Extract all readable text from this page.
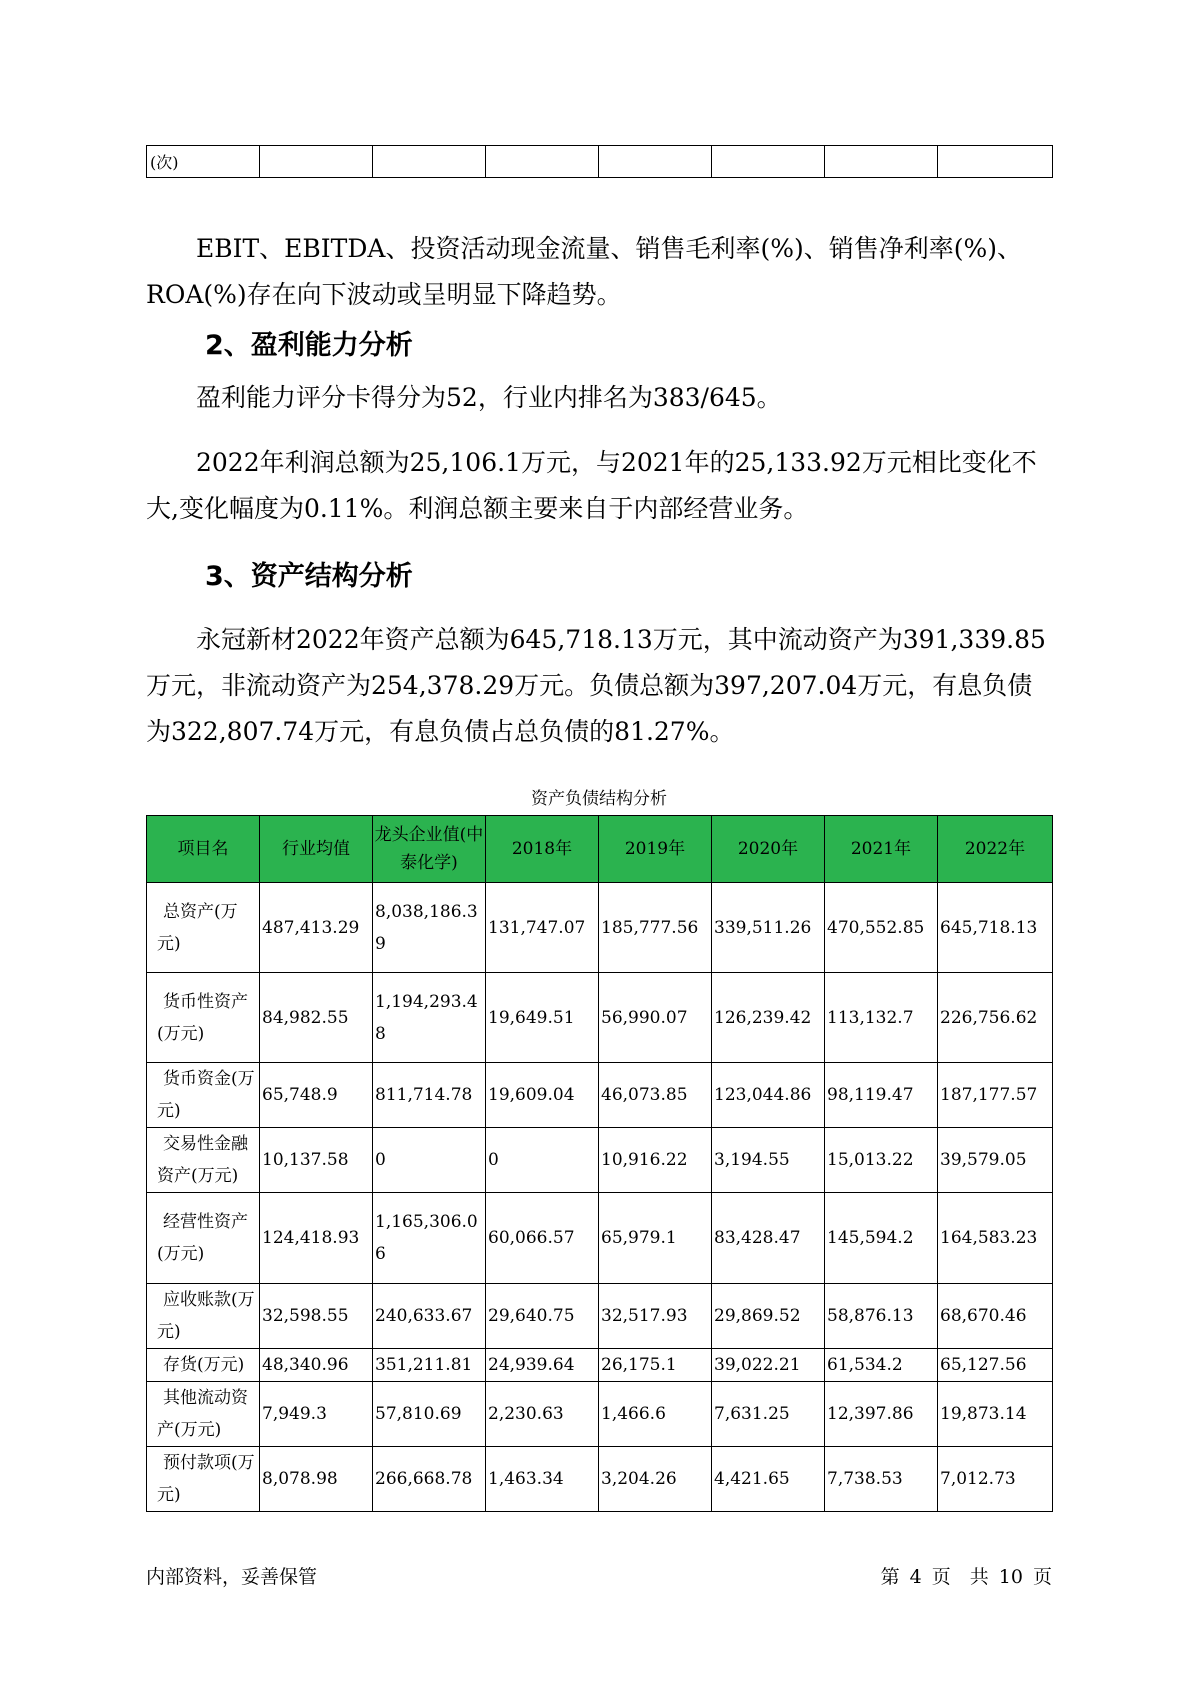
(次)							

　　EBIT、EBITDA、投资活动现金流量、销售毛利率(%)、销售净利率(%)、ROA(%)存在向下波动或呈明显下降趋势。

2、盈利能力分析

　　盈利能力评分卡得分为52，行业内排名为383/645。

　　2022年利润总额为25,106.1万元，与2021年的25,133.92万元相比变化不大,变化幅度为0.11%。利润总额主要来自于内部经营业务。

3、资产结构分析

　　永冠新材2022年资产总额为645,718.13万元，其中流动资产为391,339.85万元，非流动资产为254,378.29万元。负债总额为397,207.04万元，有息负债为322,807.74万元，有息负债占总负债的81.27%。

资产负债结构分析
项目名	行业均值	龙头企业值(中泰化学)	2018年	2019年	2020年	2021年	2022年
总资产(万元)	487,413.29	8,038,186.39	131,747.07	185,777.56	339,511.26	470,552.85	645,718.13
货币性资产(万元)	84,982.55	1,194,293.48	19,649.51	56,990.07	126,239.42	113,132.7	226,756.62
货币资金(万元)	65,748.9	811,714.78	19,609.04	46,073.85	123,044.86	98,119.47	187,177.57
交易性金融资产(万元)	10,137.58	0	0	10,916.22	3,194.55	15,013.22	39,579.05
经营性资产(万元)	124,418.93	1,165,306.06	60,066.57	65,979.1	83,428.47	145,594.2	164,583.23
应收账款(万元)	32,598.55	240,633.67	29,640.75	32,517.93	29,869.52	58,876.13	68,670.46
存货(万元)	48,340.96	351,211.81	24,939.64	26,175.1	39,022.21	61,534.2	65,127.56
其他流动资产(万元)	7,949.3	57,810.69	2,230.63	1,466.6	7,631.25	12,397.86	19,873.14
预付款项(万元)	8,078.98	266,668.78	1,463.34	3,204.26	4,421.65	7,738.53	7,012.73
内部资料，妥善保管	第 4 页　共 10 页
